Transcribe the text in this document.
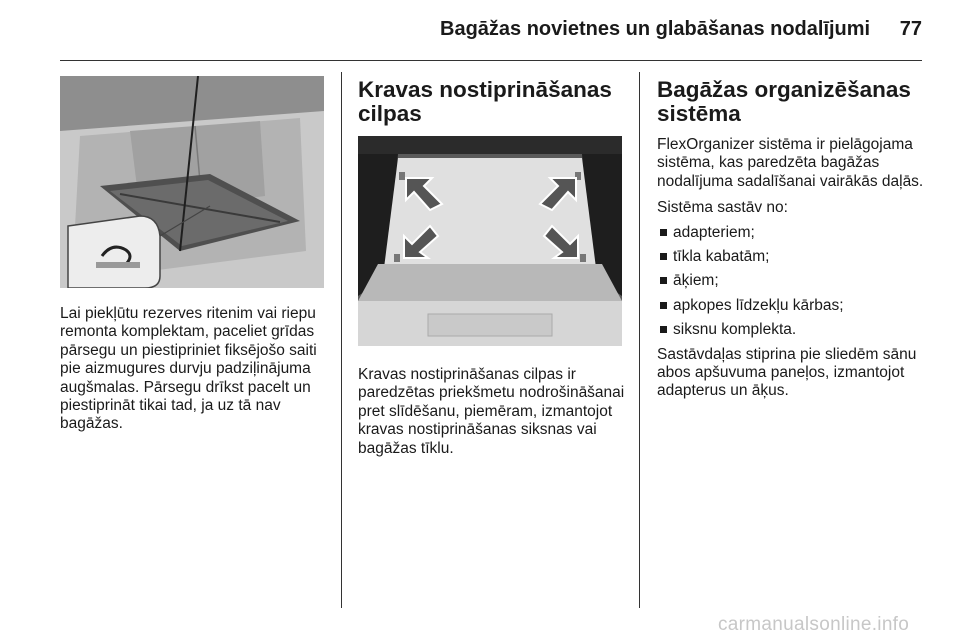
Bagāžas novietnes un glabāšanas nodalījumi	77

Lai piekļūtu rezerves ritenim vai riepu remonta komplektam, paceliet grīdas pārsegu un piestipriniet fiksējošo saiti pie aizmugures durvju padziļinājuma augšmalas. Pārsegu drīkst pacelt un piestiprināt tikai tad, ja uz tā nav bagāžas.

Kravas nostiprināšanas cilpas

Kravas nostiprināšanas cilpas ir paredzētas priekšmetu nodrošināšanai pret slīdēšanu, piemēram, izmantojot kravas nostiprināšanas siksnas vai bagāžas tīklu.

Bagāžas organizēšanas sistēma

FlexOrganizer sistēma ir pielāgojama sistēma, kas paredzēta bagāžas nodalījuma sadalīšanai vairākās daļās.

Sistēma sastāv no:

adapteriem;
tīkla kabatām;
āķiem;
apkopes līdzekļu kārbas;
siksnu komplekta.

Sastāvdaļas stiprina pie sliedēm sānu abos apšuvuma paneļos, izmantojot adapterus un āķus.

carmanualsonline.info
